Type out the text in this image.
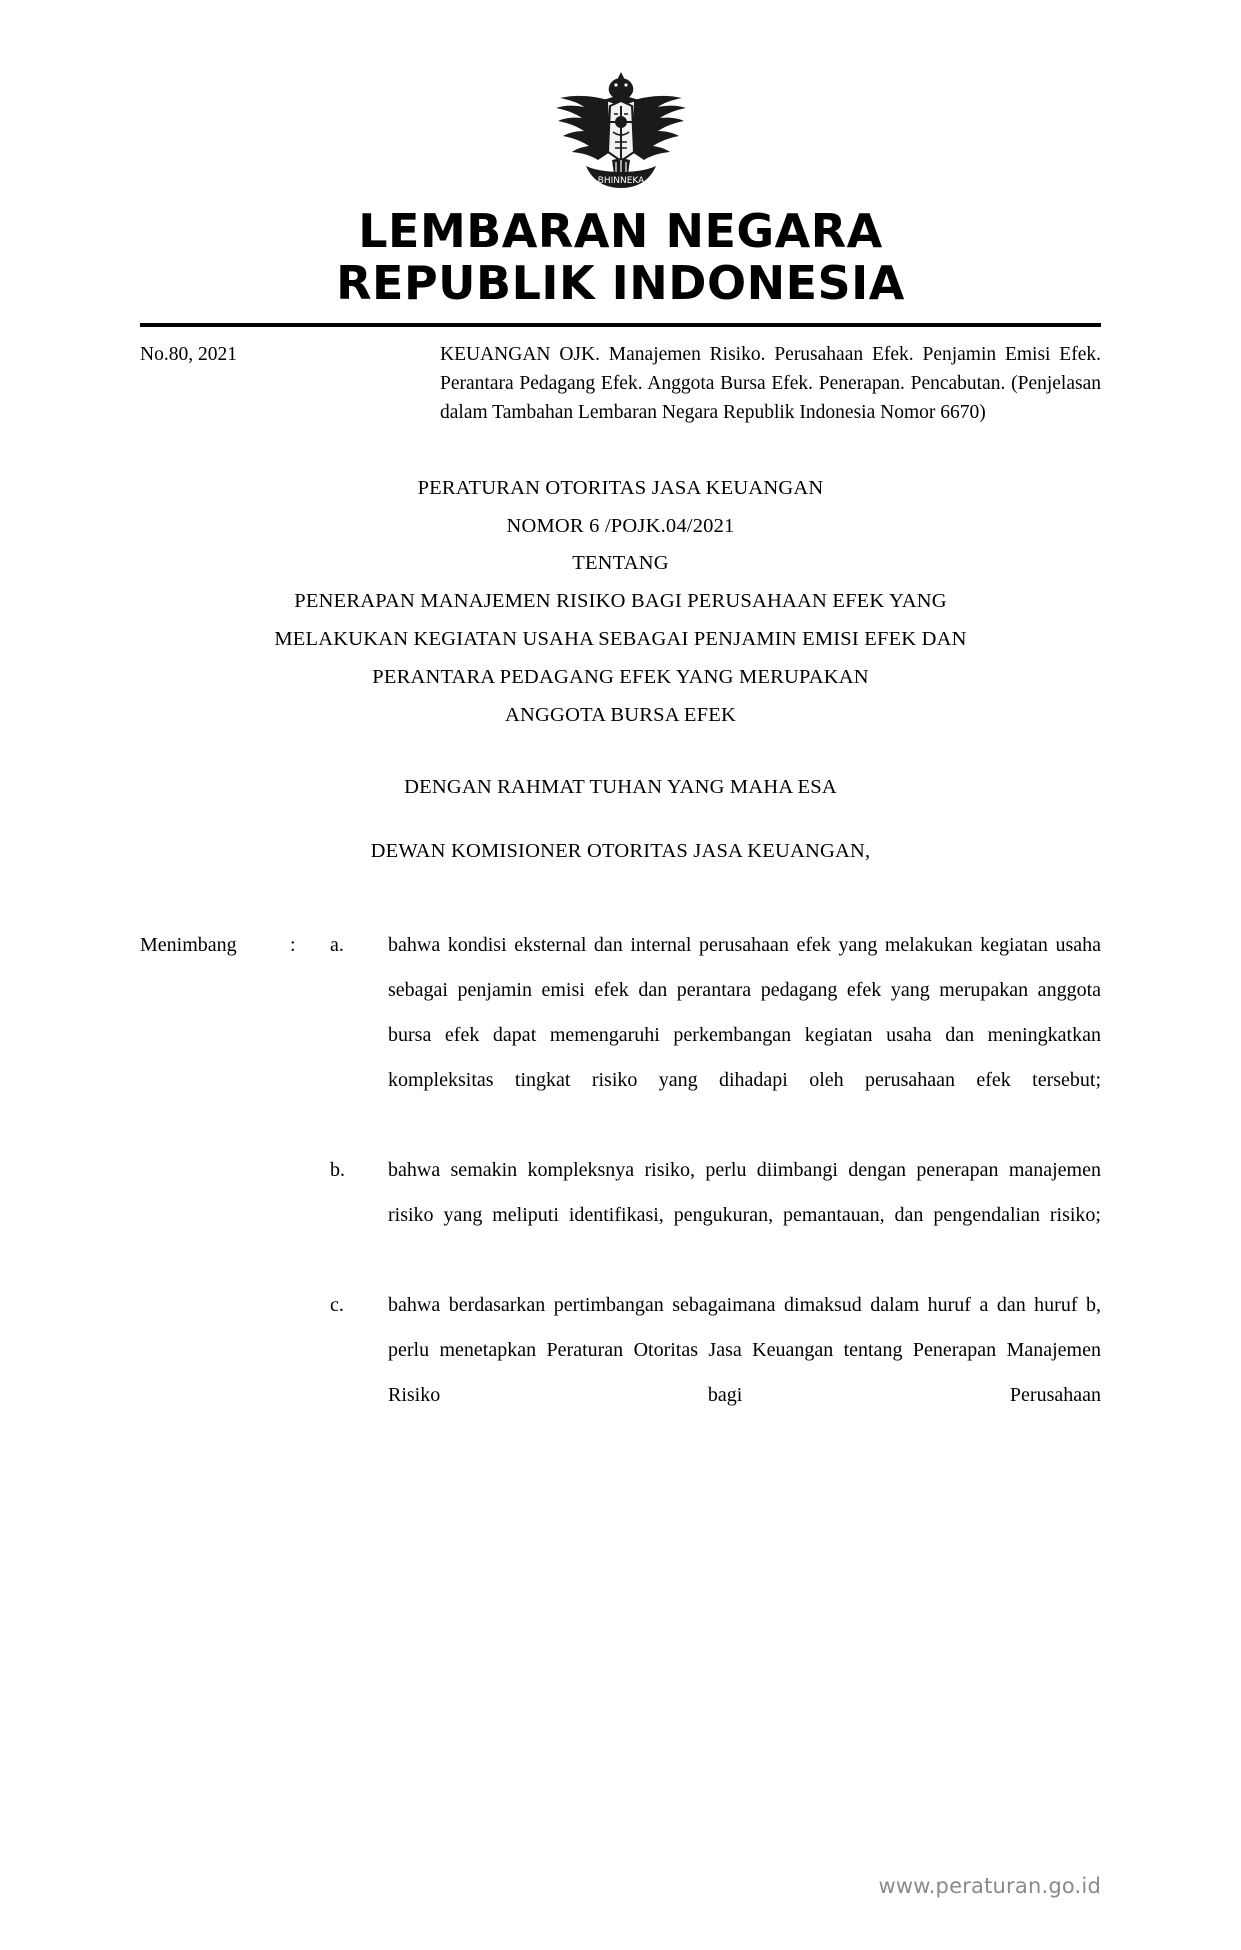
BHINNEKA
LEMBARAN NEGARA
REPUBLIK INDONESIA
No.80, 2021	KEUANGAN OJK. Manajemen Risiko. Perusahaan Efek. Penjamin Emisi Efek. Perantara Pedagang Efek. Anggota Bursa Efek. Penerapan. Pencabutan. (Penjelasan dalam Tambahan Lembaran Negara Republik Indonesia Nomor 6670)

PERATURAN OTORITAS JASA KEUANGAN
NOMOR 6 /POJK.04/2021
TENTANG
PENERAPAN MANAJEMEN RISIKO BAGI PERUSAHAAN EFEK YANG
MELAKUKAN KEGIATAN USAHA SEBAGAI PENJAMIN EMISI EFEK DAN
PERANTARA PEDAGANG EFEK YANG MERUPAKAN
ANGGOTA BURSA EFEK
DENGAN RAHMAT TUHAN YANG MAHA ESA
DEWAN KOMISIONER OTORITAS JASA KEUANGAN,
Menimbang	:	a.	bahwa kondisi eksternal dan internal perusahaan efek yang melakukan kegiatan usaha sebagai penjamin emisi efek dan perantara pedagang efek yang merupakan anggota bursa efek dapat memengaruhi perkembangan kegiatan usaha dan meningkatkan kompleksitas tingkat risiko yang dihadapi oleh perusahaan efek tersebut;
b.	bahwa semakin kompleksnya risiko, perlu diimbangi dengan penerapan manajemen risiko yang meliputi identifikasi, pengukuran, pemantauan, dan pengendalian risiko;
c.	bahwa berdasarkan pertimbangan sebagaimana dimaksud dalam huruf a dan huruf b, perlu menetapkan Peraturan Otoritas Jasa Keuangan tentang Penerapan Manajemen Risiko bagi Perusahaan
www.peraturan.go.id
